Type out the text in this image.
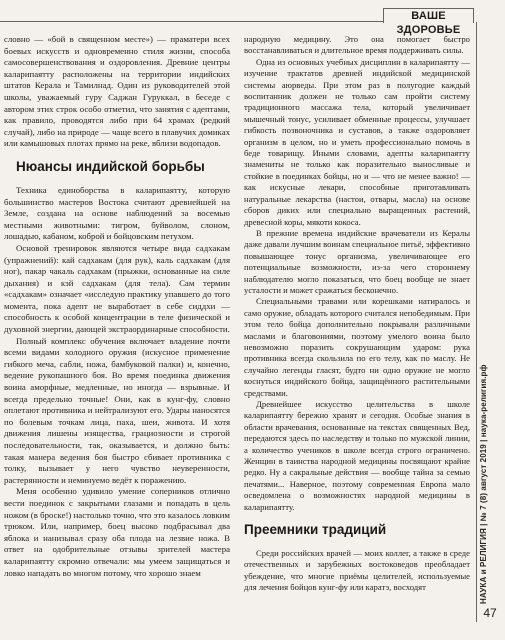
ВАШЕ ЗДОРОВЬЕ

словно — «бой в священном месте») — праматери всех боевых искусств и одновременно стиля жизни, способа самосовершенствования и оздоровления. Древние центры каларипаятту расположены на территории индийских штатов Керала и Тамилнад. Один из руководителей этой школы, уважаемый гуру Саджан Гуруккал, в беседе с автором этих строк особо отметил, что занятия с адептами, как правило, проводятся либо при 64 храмах (редкий случай), либо на природе — чаще всего в плавучих домиках или камышовых плотах прямо на реке, вблизи водопадов.

Нюансы индийской борьбы

Техника единоборства в каларипаятту, которую большинство мастеров Востока считают древнейшей на Земле, создана на основе наблюдений за восемью местными животными: тигром, буйволом, слоном, лошадью, кабаном, коброй и бойцовским петухом.

Основой тренировок являются четыре вида садхакам (упражнений): кай садхакам (для рук), каль садхакам (для ног), пакар чакаль садхакам (прыжки, основанные на силе дыхания) и кэй садхакам (для тела). Сам термин «садхакам» означает «исследую практику упавшего до того момента, пока адепт не выработает в себе сиддхи — способность к особой концентрации в теле физической и духовной энергии, дающей экстраординарные способности.

Полный комплекс обучения включает владение почти всеми видами холодного оружия (искусное применение гибкого меча, сабли, ножа, бамбуковой палки) и, конечно, ведение рукопашного боя. Во время поединка движения воина аморфные, медленные, но иногда — взрывные. И всегда предельно точные! Они, как в кунг-фу, словно оплетают противника и нейтрализуют его. Удары наносятся по болевым точкам лица, паха, шеи, живота. И хотя движения лишены изящества, грациозности и строгой последовательности, так, оказывается, и должно быть: такая манера ведения боя быстро сбивает противника с толку, вызывает у него чувство неуверенности, растерянности и неминуемо ведёт к поражению.

Меня особенно удивило умение соперников отлично вести поединок с закрытыми глазами и попадать в цель ножом (в броске!) настолько точно, что это казалось ловким трюком. Или, например, боец высоко подбрасывал два яблока и нанизывал сразу оба плода на лезвие ножа. В ответ на одобрительные отзывы зрителей мастера каларипаятту скромно отвечали: мы умеем защищаться и ловко нападать во многом потому, что хорошо знаем

народную медицину. Это она помогает быстро восстанавливаться и длительное время поддерживать силы.

Одна из основных учебных дисциплин в каларипаятту — изучение трактатов древней индийской медицинской системы аюрведы. При этом раз в полугодие каждый воспитанник должен не только сам пройти систему традиционного массажа тела, который увеличивает мышечный тонус, усиливает обменные процессы, улучшает гибкость позвоночника и суставов, а также оздоровляет организм в целом, но и уметь профессионально помочь в беде товарищу. Иными словами, адепты каларипаятту знамениты не только как поразительно выносливые и стойкие в поединках бойцы, но и — что не менее важно! — как искусные лекари, способные приготавливать натуральные лекарства (настои, отвары, масла) на основе сборов диких или специально выращенных растений, древесной коры, мякоти кокоса.

В прежние времена индийские врачеватели из Кералы даже давали лучшим воинам специальное питьё, эффективно повышающее тонус организма, увеличивающее его потенциальные возможности, из-за чего стороннему наблюдателю могло показаться, что боец вообще не знает усталости и может сражаться бесконечно.

Специальными травами или корешками натиралось и само оружие, обладать которого считался непобедимым. При этом тело бойца дополнительно покрывали различными маслами и благовониями, поэтому умелого воина было невозможно поразить сокрушающим ударом: рука противника всегда скользила по его телу, как по маслу. Не случайно легенды гласят, будто ни одно оружие не могло коснуться индийского бойца, защищённого растительными средствами.

Древнейшее искусство целительства в школе каларипаятту бережно хранят и сегодня. Особые знания в области врачевания, основанные на текстах священных Вед, передаются здесь по наследству и только по мужской линии, а количество учеников в школе всегда строго ограничено. Женщин в таинства народной медицины посвящают крайне редко. Ну а сакральные действия — вообще тайна за семью печатями... Наверное, поэтому современная Европа мало осведомлена о возможностях народной медицины в каларипаятту.

Преемники традиций

Среди российских врачей — моих коллег, а также в среде отечественных и зарубежных востоковедов преобладает убеждение, что многие приёмы целителей, используемые для лечения бойцов кунг-фу или каратэ, восходят	НАУКА и РЕЛИГИЯ | № 7 (8) август 2019 | наука-религия.рф
47
